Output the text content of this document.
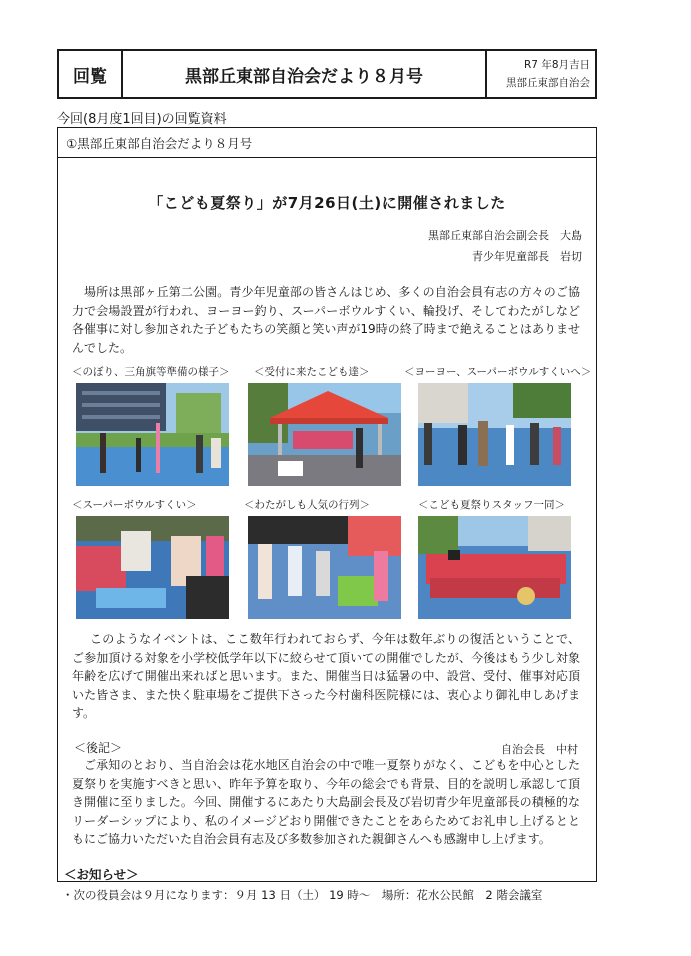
回覧	黒部丘東部自治会だより８月号
R7 年8月吉日
黒部丘東部自治会
今回(8月度1回目)の回覧資料
①黒部丘東部自治会だより８月号
「こども夏祭り」が7月26日(土)に開催されました
黒部丘東部自治会副会長　大島
青少年児童部長　岩切

場所は黒部ヶ丘第二公園。青少年児童部の皆さんはじめ、多くの自治会員有志の方々のご協力で会場設置が行われ、ヨーヨー釣り、スーパーボウルすくい、輪投げ、そしてわたがしなど各催事に対し参加された子どもたちの笑顔と笑い声が19時の終了時まで絶えることはありませんでした。

＜のぼり、三角旗等準備の様子＞ ＜受付に来たこども達＞	＜ヨーヨー、スーパーボウルすくいへ＞
＜スーパーボウルすくい＞	＜わたがしも人気の行列＞	＜こども夏祭りスタッフ一同＞

このようなイベントは、ここ数年行われておらず、今年は数年ぶりの復活ということで、ご参加頂ける対象を小学校低学年以下に絞らせて頂いての開催でしたが、今後はもう少し対象年齢を広げて開催出来ればと思います。また、開催当日は猛暑の中、設営、受付、催事対応頂いた皆さま、また快く駐車場をご提供下さった今村歯科医院様には、衷心より御礼申しあげます。

＜後記＞	自治会長　中村

ご承知のとおり、当自治会は花水地区自治会の中で唯一夏祭りがなく、こどもを中心とした夏祭りを実施すべきと思い、昨年予算を取り、今年の総会でも背景、目的を説明し承認して頂き開催に至りました。今回、開催するにあたり大島副会長及び岩切青少年児童部長の積極的なリーダーシップにより、私のイメージどおり開催できたことをあらためてお礼申し上げるとともにご協力いただいた自治会員有志及び多数参加された親御さんへも感謝申し上げます。

＜お知らせ＞
・次の役員会は９月になります：９月 13 日（土） 19 時～　場所：花水公民館　2 階会議室
